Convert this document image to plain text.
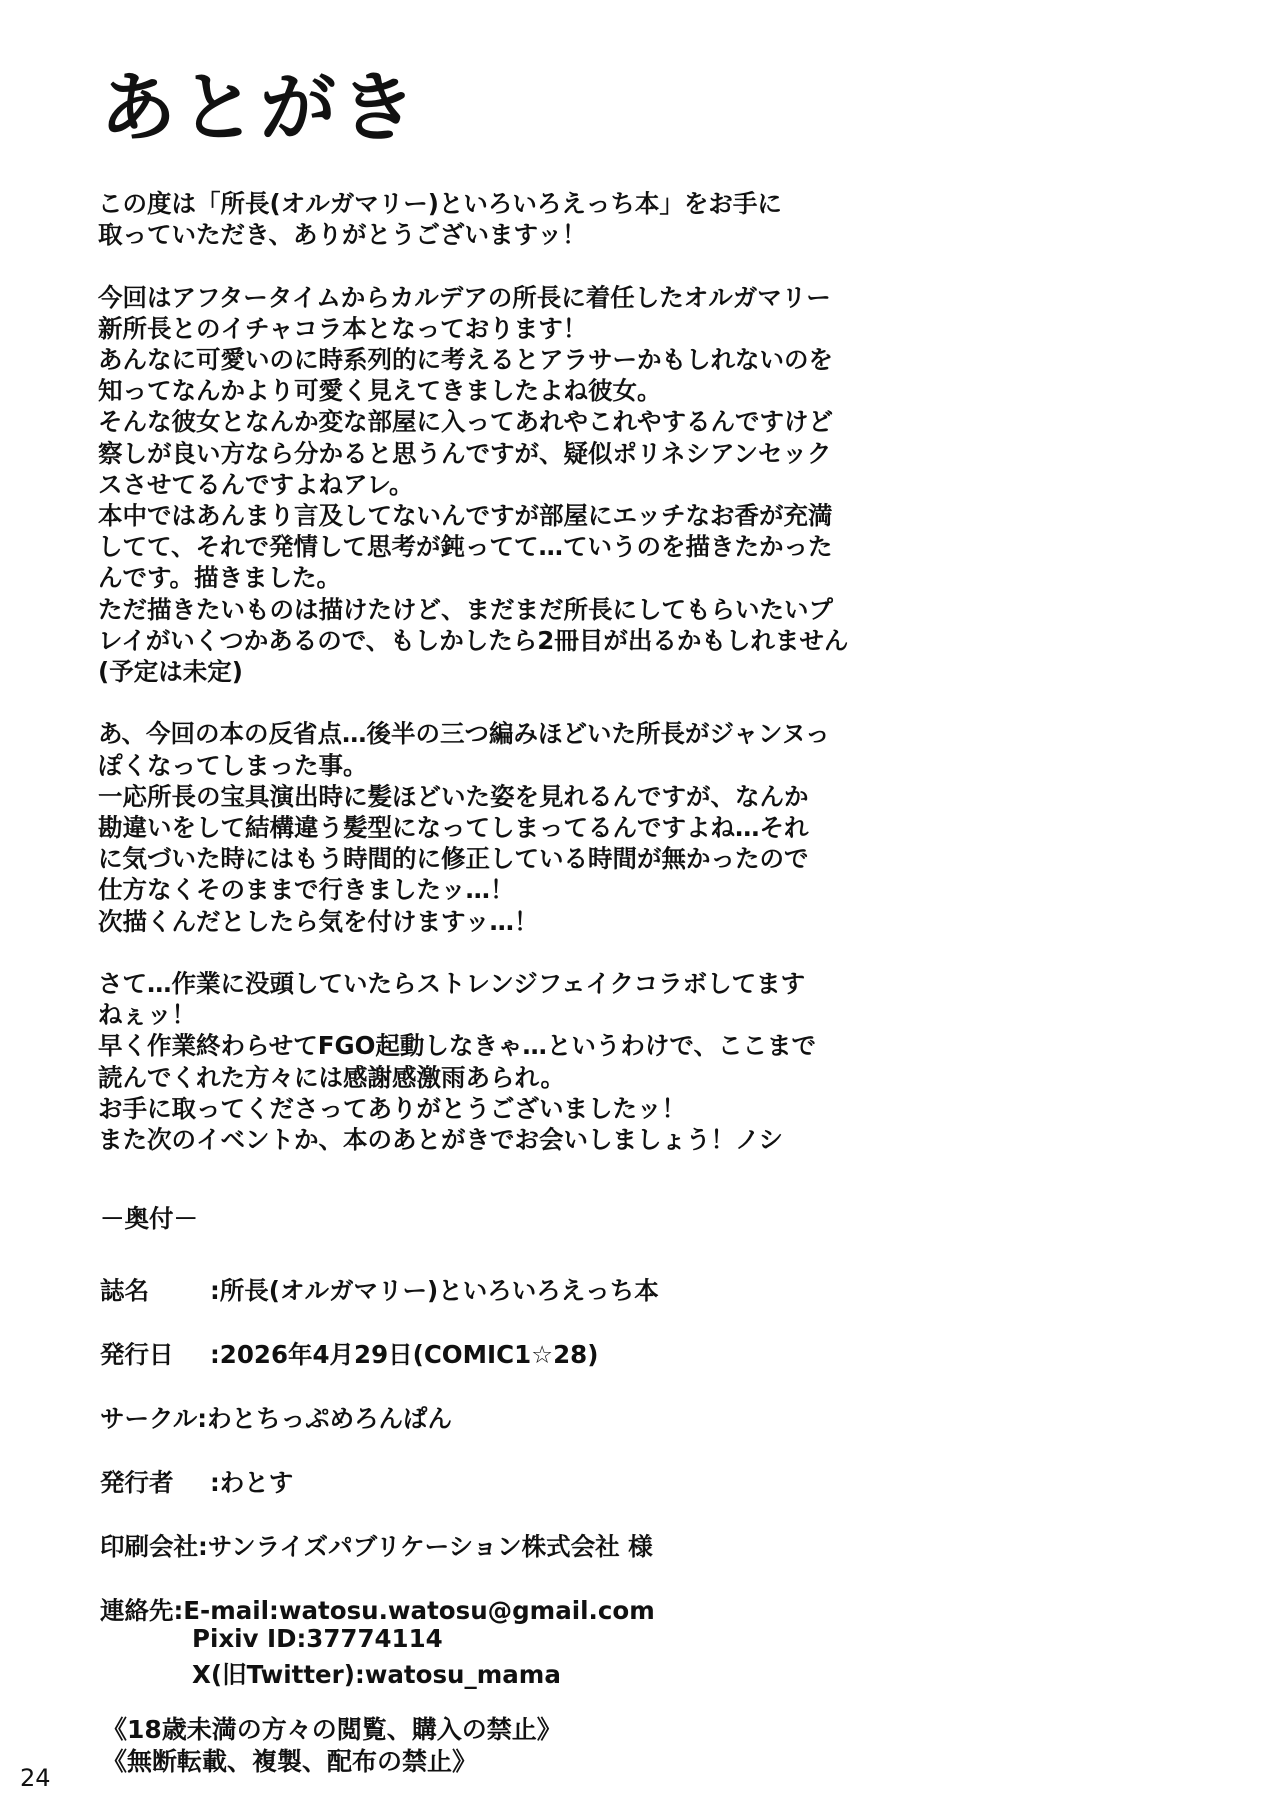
あとがき

この度は「所長(オルガマリー)といろいろえっち本」をお手に
取っていただき、ありがとうございますッ！

今回はアフタータイムからカルデアの所長に着任したオルガマリー
新所長とのイチャコラ本となっております！
あんなに可愛いのに時系列的に考えるとアラサーかもしれないのを
知ってなんかより可愛く見えてきましたよね彼女。
そんな彼女となんか変な部屋に入ってあれやこれやするんですけど
察しが良い方なら分かると思うんですが、疑似ポリネシアンセック
スさせてるんですよねアレ。
本中ではあんまり言及してないんですが部屋にエッチなお香が充満
してて、それで発情して思考が鈍ってて…ていうのを描きたかった
んです。描きました。
ただ描きたいものは描けたけど、まだまだ所長にしてもらいたいプ
レイがいくつかあるので、もしかしたら2冊目が出るかもしれません
(予定は未定)

あ、今回の本の反省点…後半の三つ編みほどいた所長がジャンヌっ
ぽくなってしまった事。
一応所長の宝具演出時に髪ほどいた姿を見れるんですが、なんか
勘違いをして結構違う髪型になってしまってるんですよね…それ
に気づいた時にはもう時間的に修正している時間が無かったので
仕方なくそのままで行きましたッ…！
次描くんだとしたら気を付けますッ…！

さて…作業に没頭していたらストレンジフェイクコラボしてます
ねぇッ！
早く作業終わらせてFGO起動しなきゃ…というわけで、ここまで
読んでくれた方々には感謝感激雨あられ。
お手に取ってくださってありがとうございましたッ！
また次のイベントか、本のあとがきでお会いしましょう！ノシ

－奥付－
誌名 :所長(オルガマリー)といろいろえっち本
発行日 :2026年4月29日(COMIC1☆28)
サークル:わとちっぷめろんぱん
発行者 :わとす
印刷会社:サンライズパブリケーション株式会社 様
連絡先:E-mail:watosu.watosu@gmail.com
Pixiv ID:37774114
X(旧Twitter):watosu_mama
《18歳未満の方々の閲覧、購入の禁止》
《無断転載、複製、配布の禁止》
24
